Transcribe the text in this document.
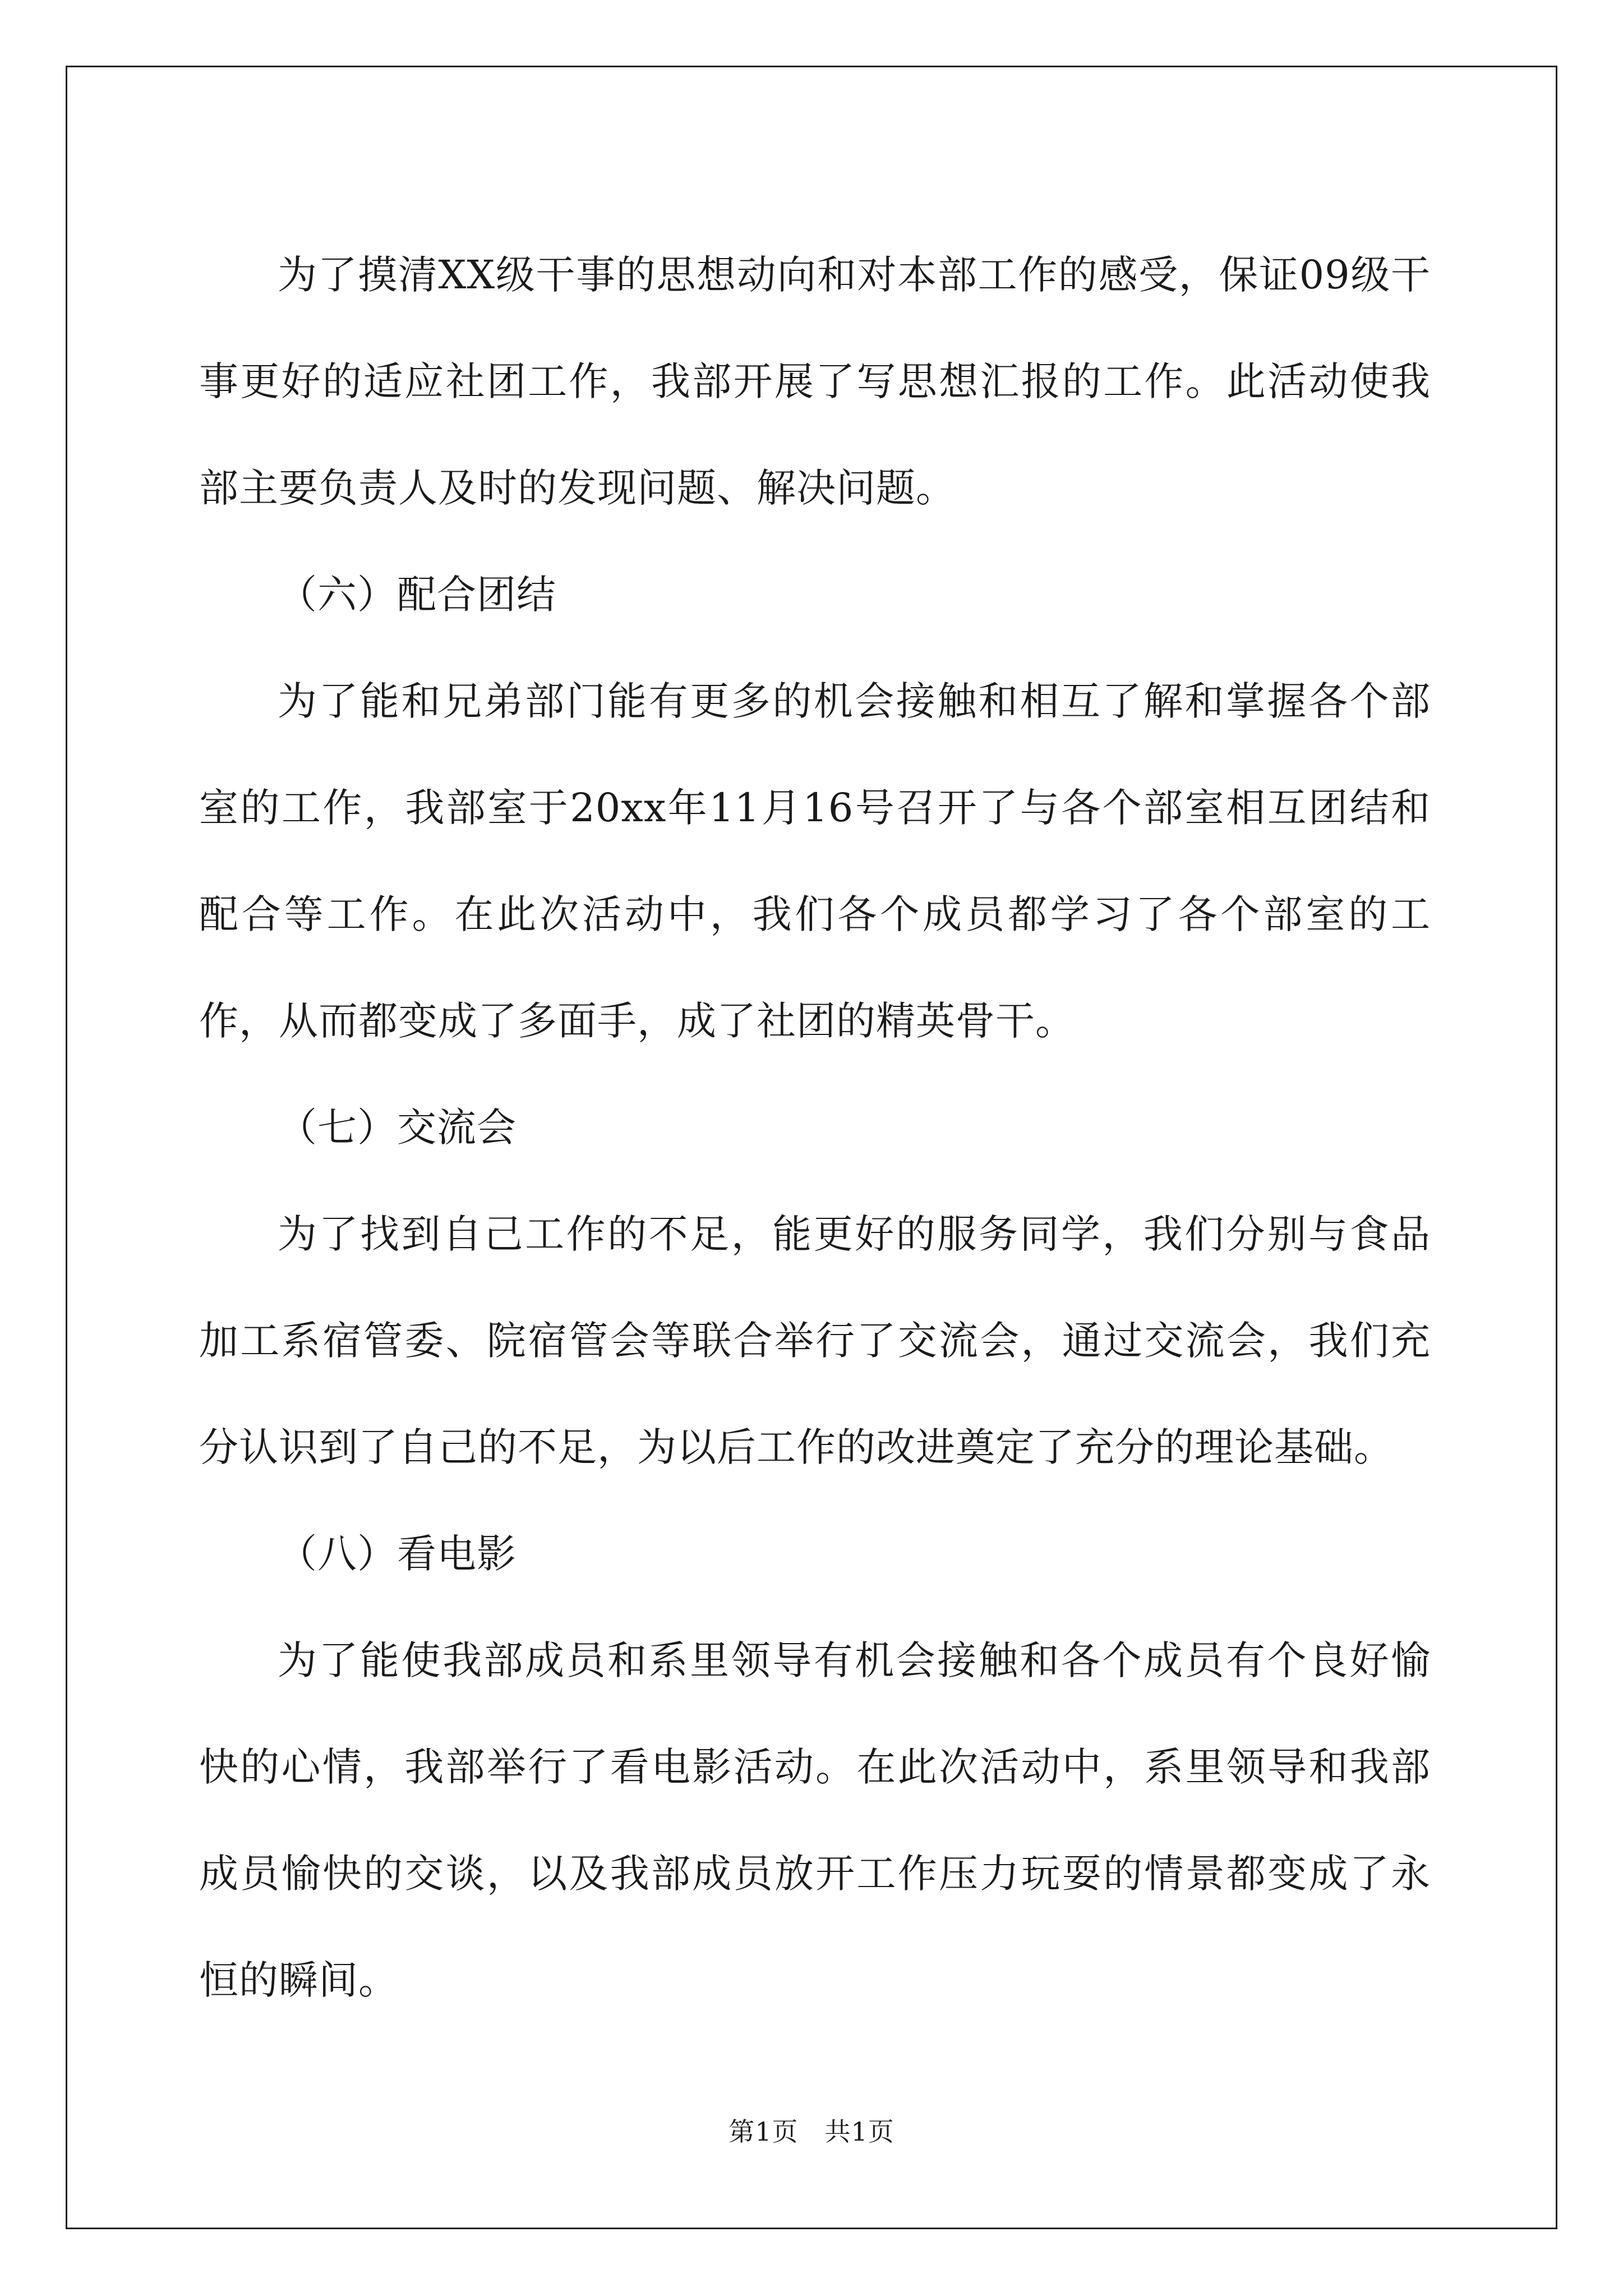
为了摸清XX级干事的思想动向和对本部工作的感受，保证09级干事更好的适应社团工作，我部开展了写思想汇报的工作。此活动使我部主要负责人及时的发现问题、解决问题。

（六）配合团结

为了能和兄弟部门能有更多的机会接触和相互了解和掌握各个部室的工作，我部室于20xx年11月16号召开了与各个部室相互团结和配合等工作。在此次活动中，我们各个成员都学习了各个部室的工作，从而都变成了多面手，成了社团的精英骨干。

（七）交流会

为了找到自己工作的不足，能更好的服务同学，我们分别与食品加工系宿管委、院宿管会等联合举行了交流会，通过交流会，我们充分认识到了自己的不足，为以后工作的改进奠定了充分的理论基础。

（八）看电影

为了能使我部成员和系里领导有机会接触和各个成员有个良好愉快的心情，我部举行了看电影活动。在此次活动中，系里领导和我部成员愉快的交谈，以及我部成员放开工作压力玩耍的情景都变成了永恒的瞬间。

第1页　共1页
